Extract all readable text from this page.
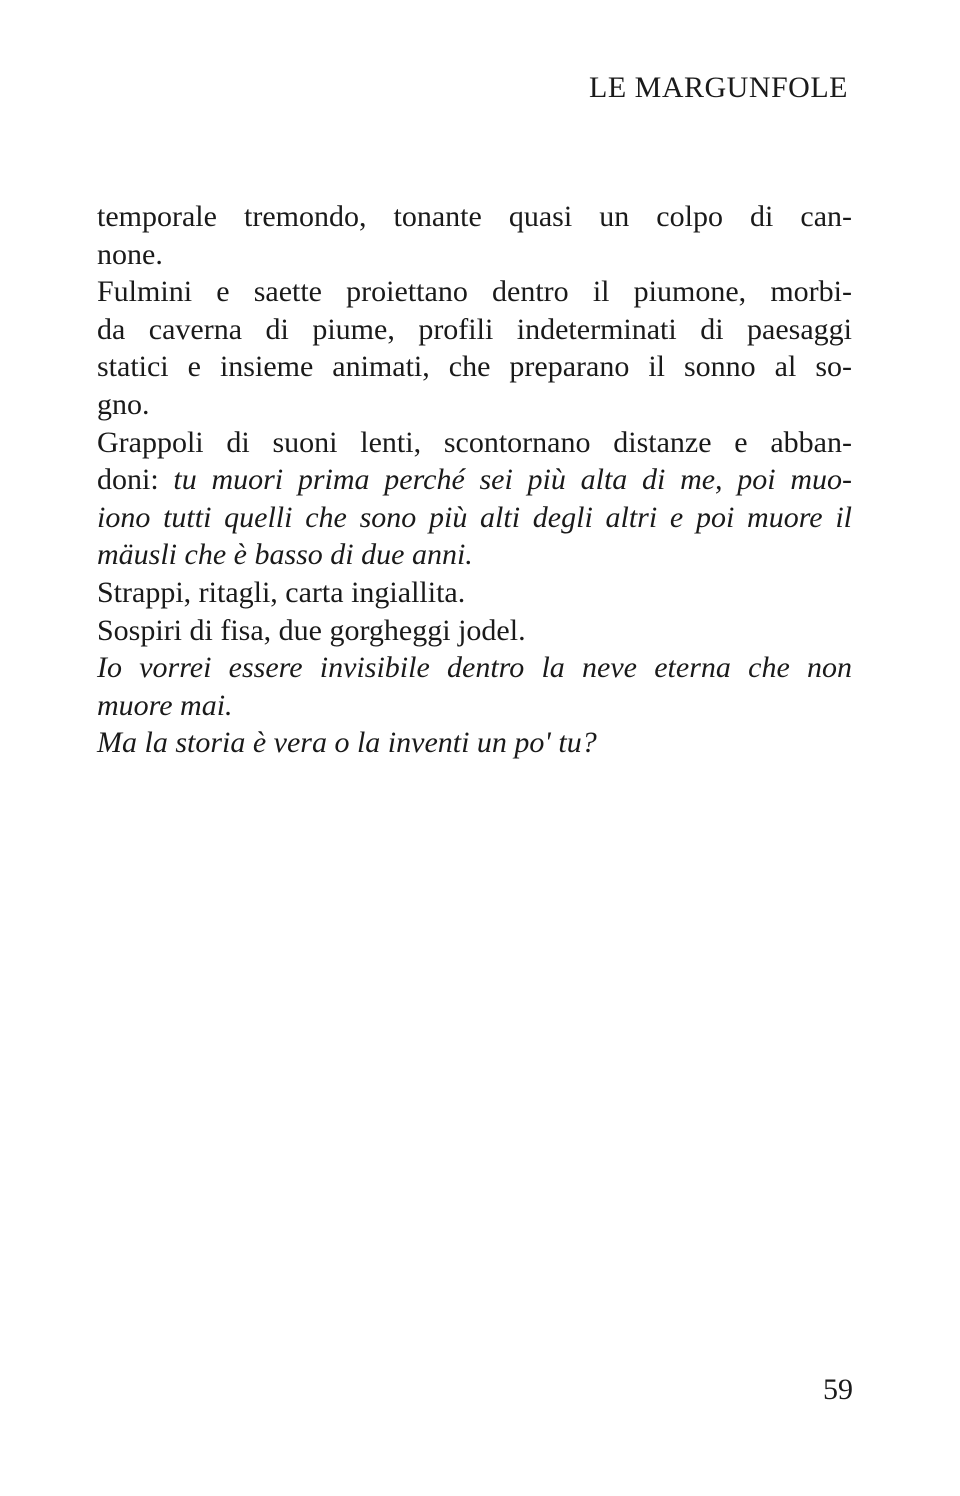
LE MARGUNFOLE
temporale tremondo, tonante quasi un colpo di can-
none.
Fulmini e saette proiettano dentro il piumone, morbi-
da caverna di piume, profili indeterminati di paesaggi
statici e insieme animati, che preparano il sonno al so-
gno.
Grappoli di suoni lenti, scontornano distanze e abban-
doni: tu muori prima perché sei più alta di me, poi muo-
iono tutti quelli che sono più alti degli altri e poi muore il
mäusli che è basso di due anni.
Strappi, ritagli, carta ingiallita.
Sospiri di fisa, due gorgheggi jodel.
Io vorrei essere invisibile dentro la neve eterna che non
muore mai.
Ma la storia è vera o la inventi un po' tu?
59
